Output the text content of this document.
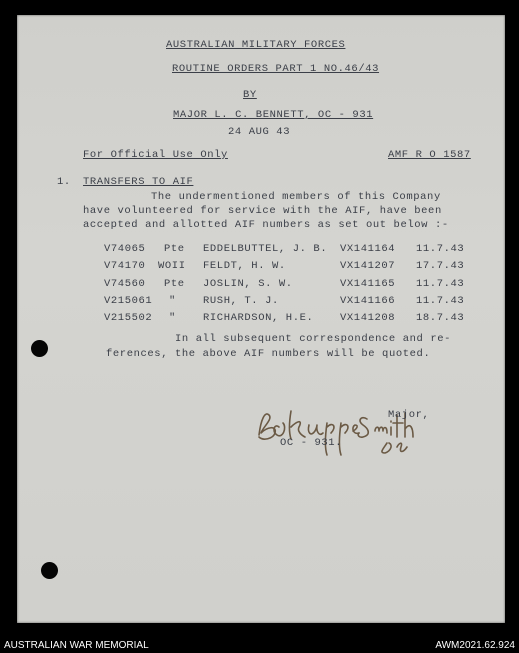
AUSTRALIAN MILITARY FORCES
ROUTINE ORDERS PART 1 NO.46/43
BY
MAJOR L. C. BENNETT, OC - 931
24 AUG 43
For Official Use Only	AMF R O 1587
1. TRANSFERS TO AIF
The undermentioned members of this Company
have volunteered for service with the AIF, have been
accepted and allotted AIF numbers as set out below :-
V74065 Pte EDDELBUTTEL, J. B. VX141164 11.7.43
V74170 WOII FELDT, H. W.	VX141207 17.7.43
V74560 Pte JOSLIN, S. W.	VX141165 11.7.43
V215061 "	RUSH, T. J.	VX141166 11.7.43
V215502 "	RICHARDSON, H.E.	VX141208 18.7.43
In all subsequent correspondence and re-
ferences, the above AIF numbers will be quoted.
Major,
OC - 931.
AUSTRALIAN WAR MEMORIAL	AWM2021.62.924
